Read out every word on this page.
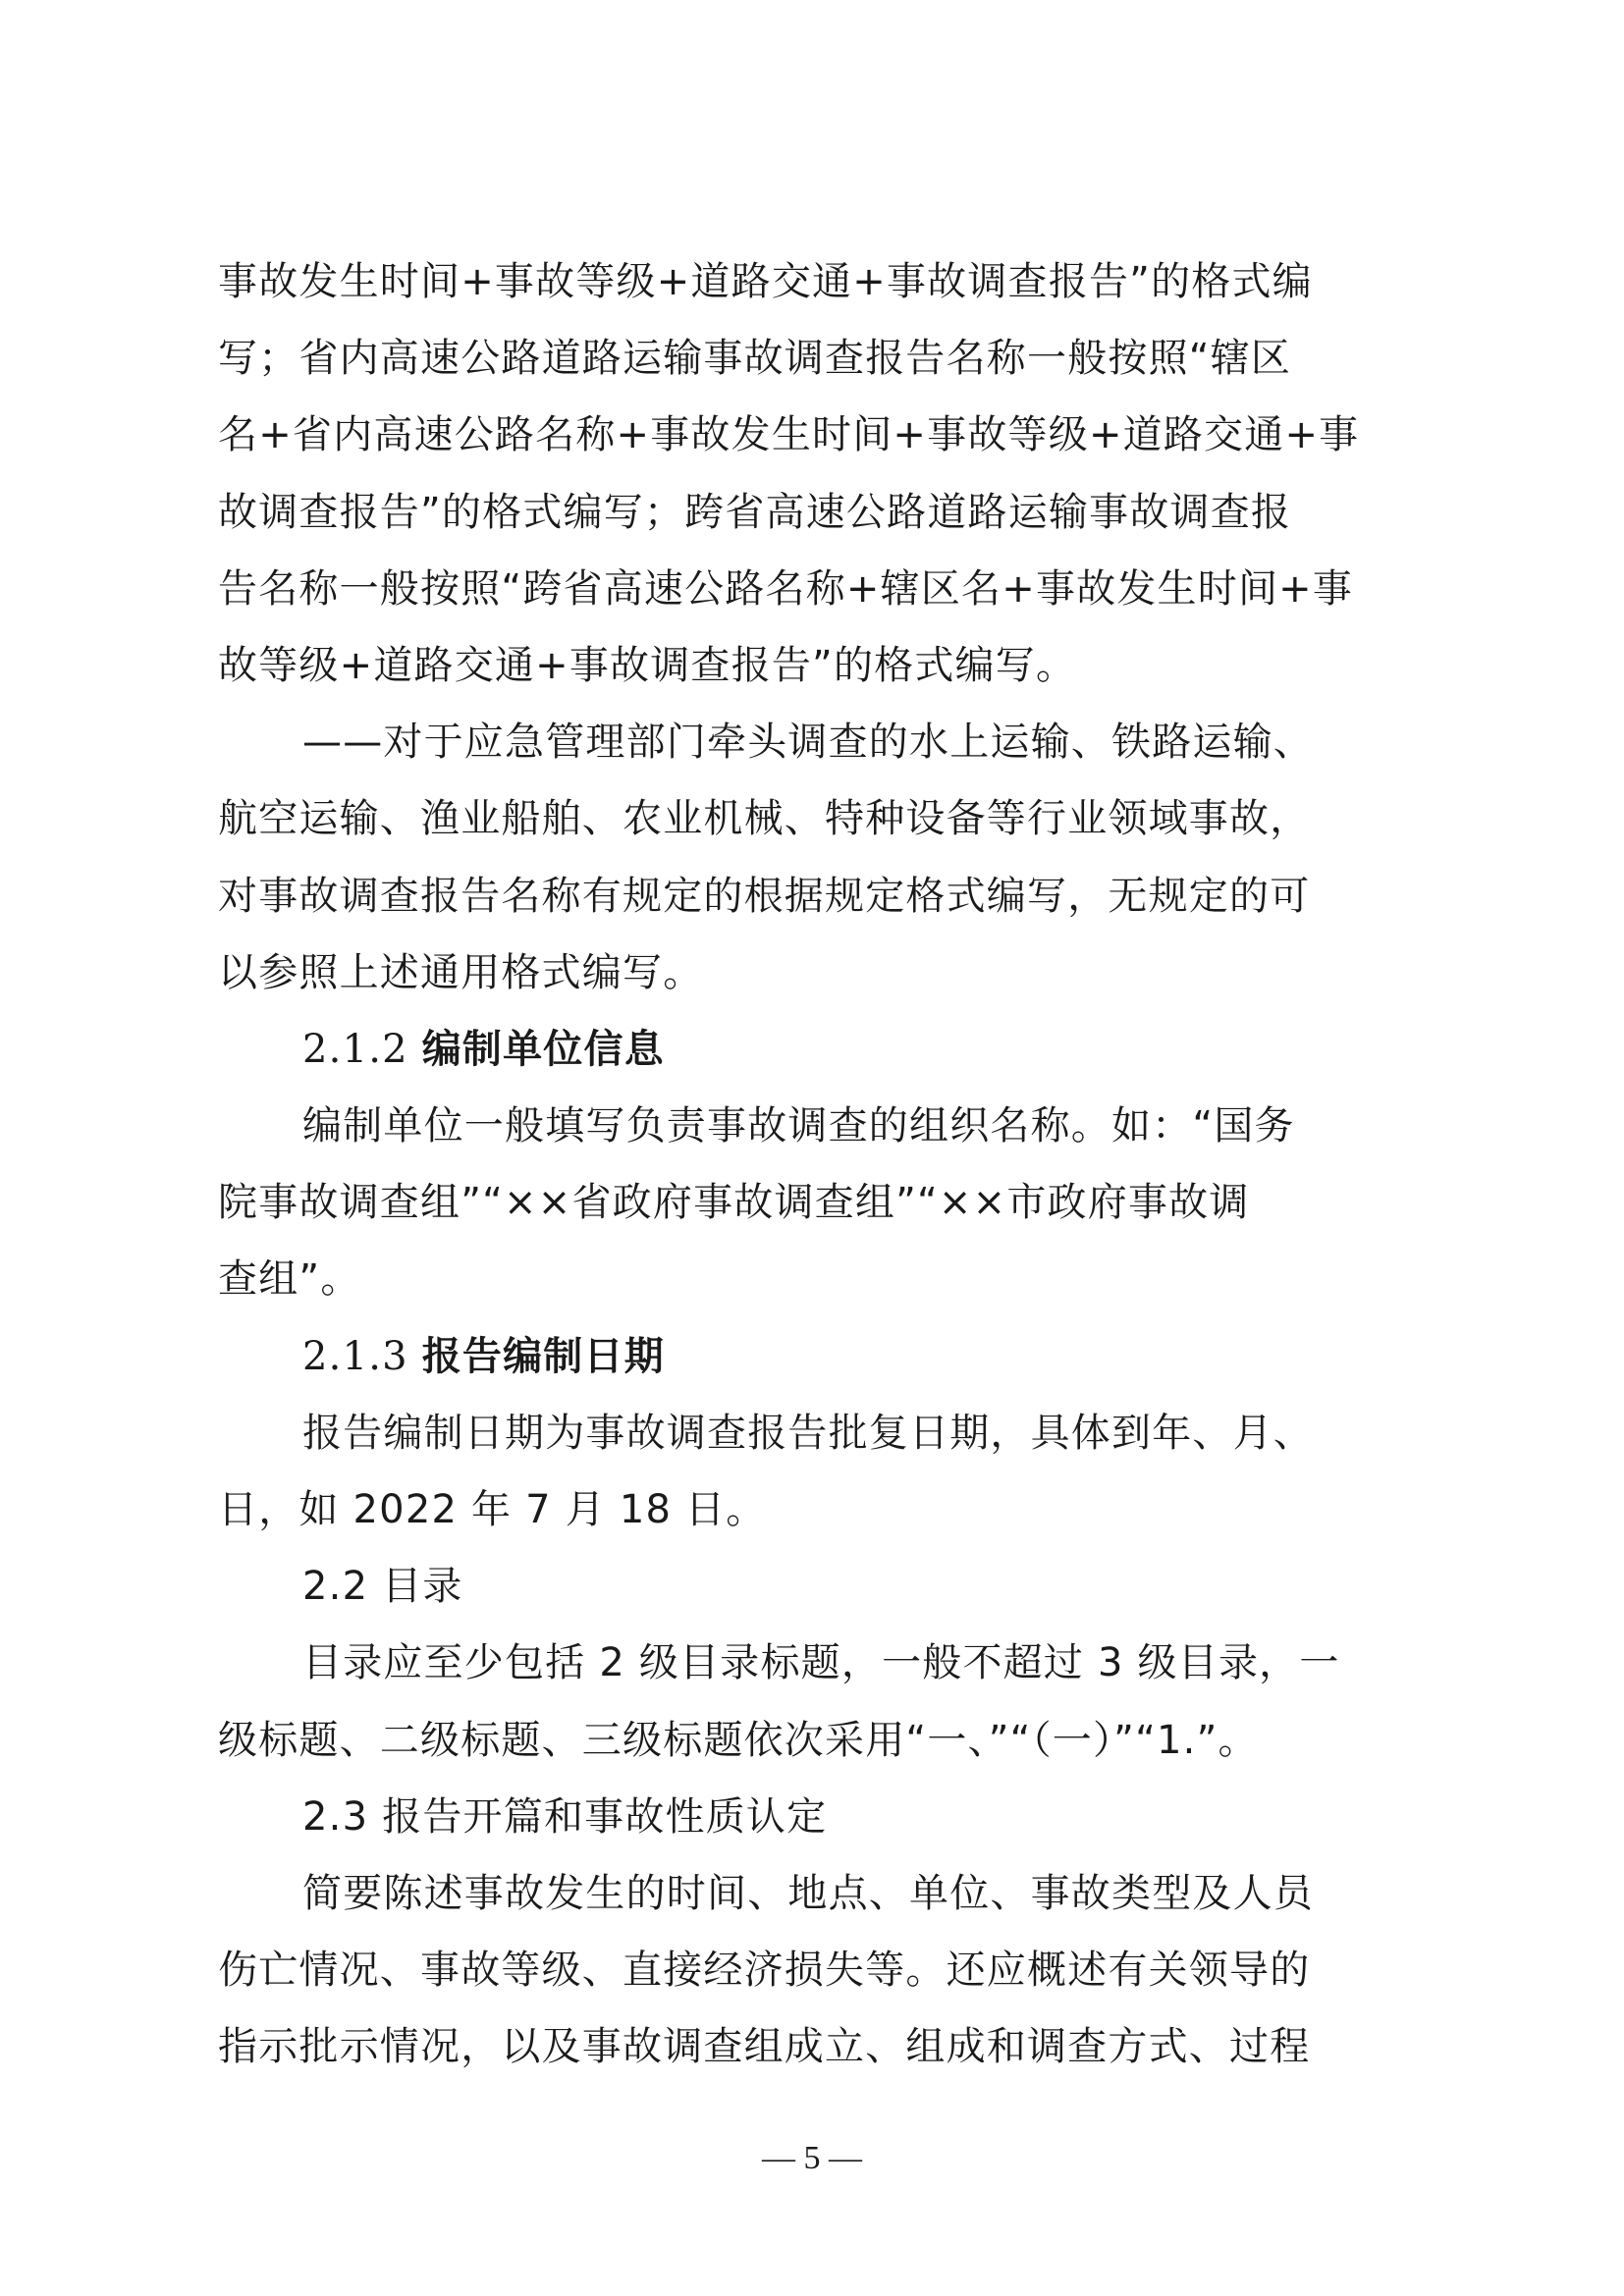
事故发生时间+事故等级+道路交通+事故调查报告”的格式编
写；省内高速公路道路运输事故调查报告名称一般按照“辖区
名+省内高速公路名称+事故发生时间+事故等级+道路交通+事
故调查报告”的格式编写；跨省高速公路道路运输事故调查报
告名称一般按照“跨省高速公路名称+辖区名+事故发生时间+事
故等级+道路交通+事故调查报告”的格式编写。
——对于应急管理部门牵头调查的水上运输、铁路运输、
航空运输、渔业船舶、农业机械、特种设备等行业领域事故，
对事故调查报告名称有规定的根据规定格式编写，无规定的可
以参照上述通用格式编写。
2.1.2 编制单位信息
编制单位一般填写负责事故调查的组织名称。如：“国务
院事故调查组”“××省政府事故调查组”“××市政府事故调
查组”。
2.1.3 报告编制日期
报告编制日期为事故调查报告批复日期，具体到年、月、
日，如 2022 年 7 月 18 日。
2.2 目录
目录应至少包括 2 级目录标题，一般不超过 3 级目录，一
级标题、二级标题、三级标题依次采用“一、”“（一）”“1.”。
2.3 报告开篇和事故性质认定
简要陈述事故发生的时间、地点、单位、事故类型及人员
伤亡情况、事故等级、直接经济损失等。还应概述有关领导的
指示批示情况，以及事故调查组成立、组成和调查方式、过程
— 5 —
